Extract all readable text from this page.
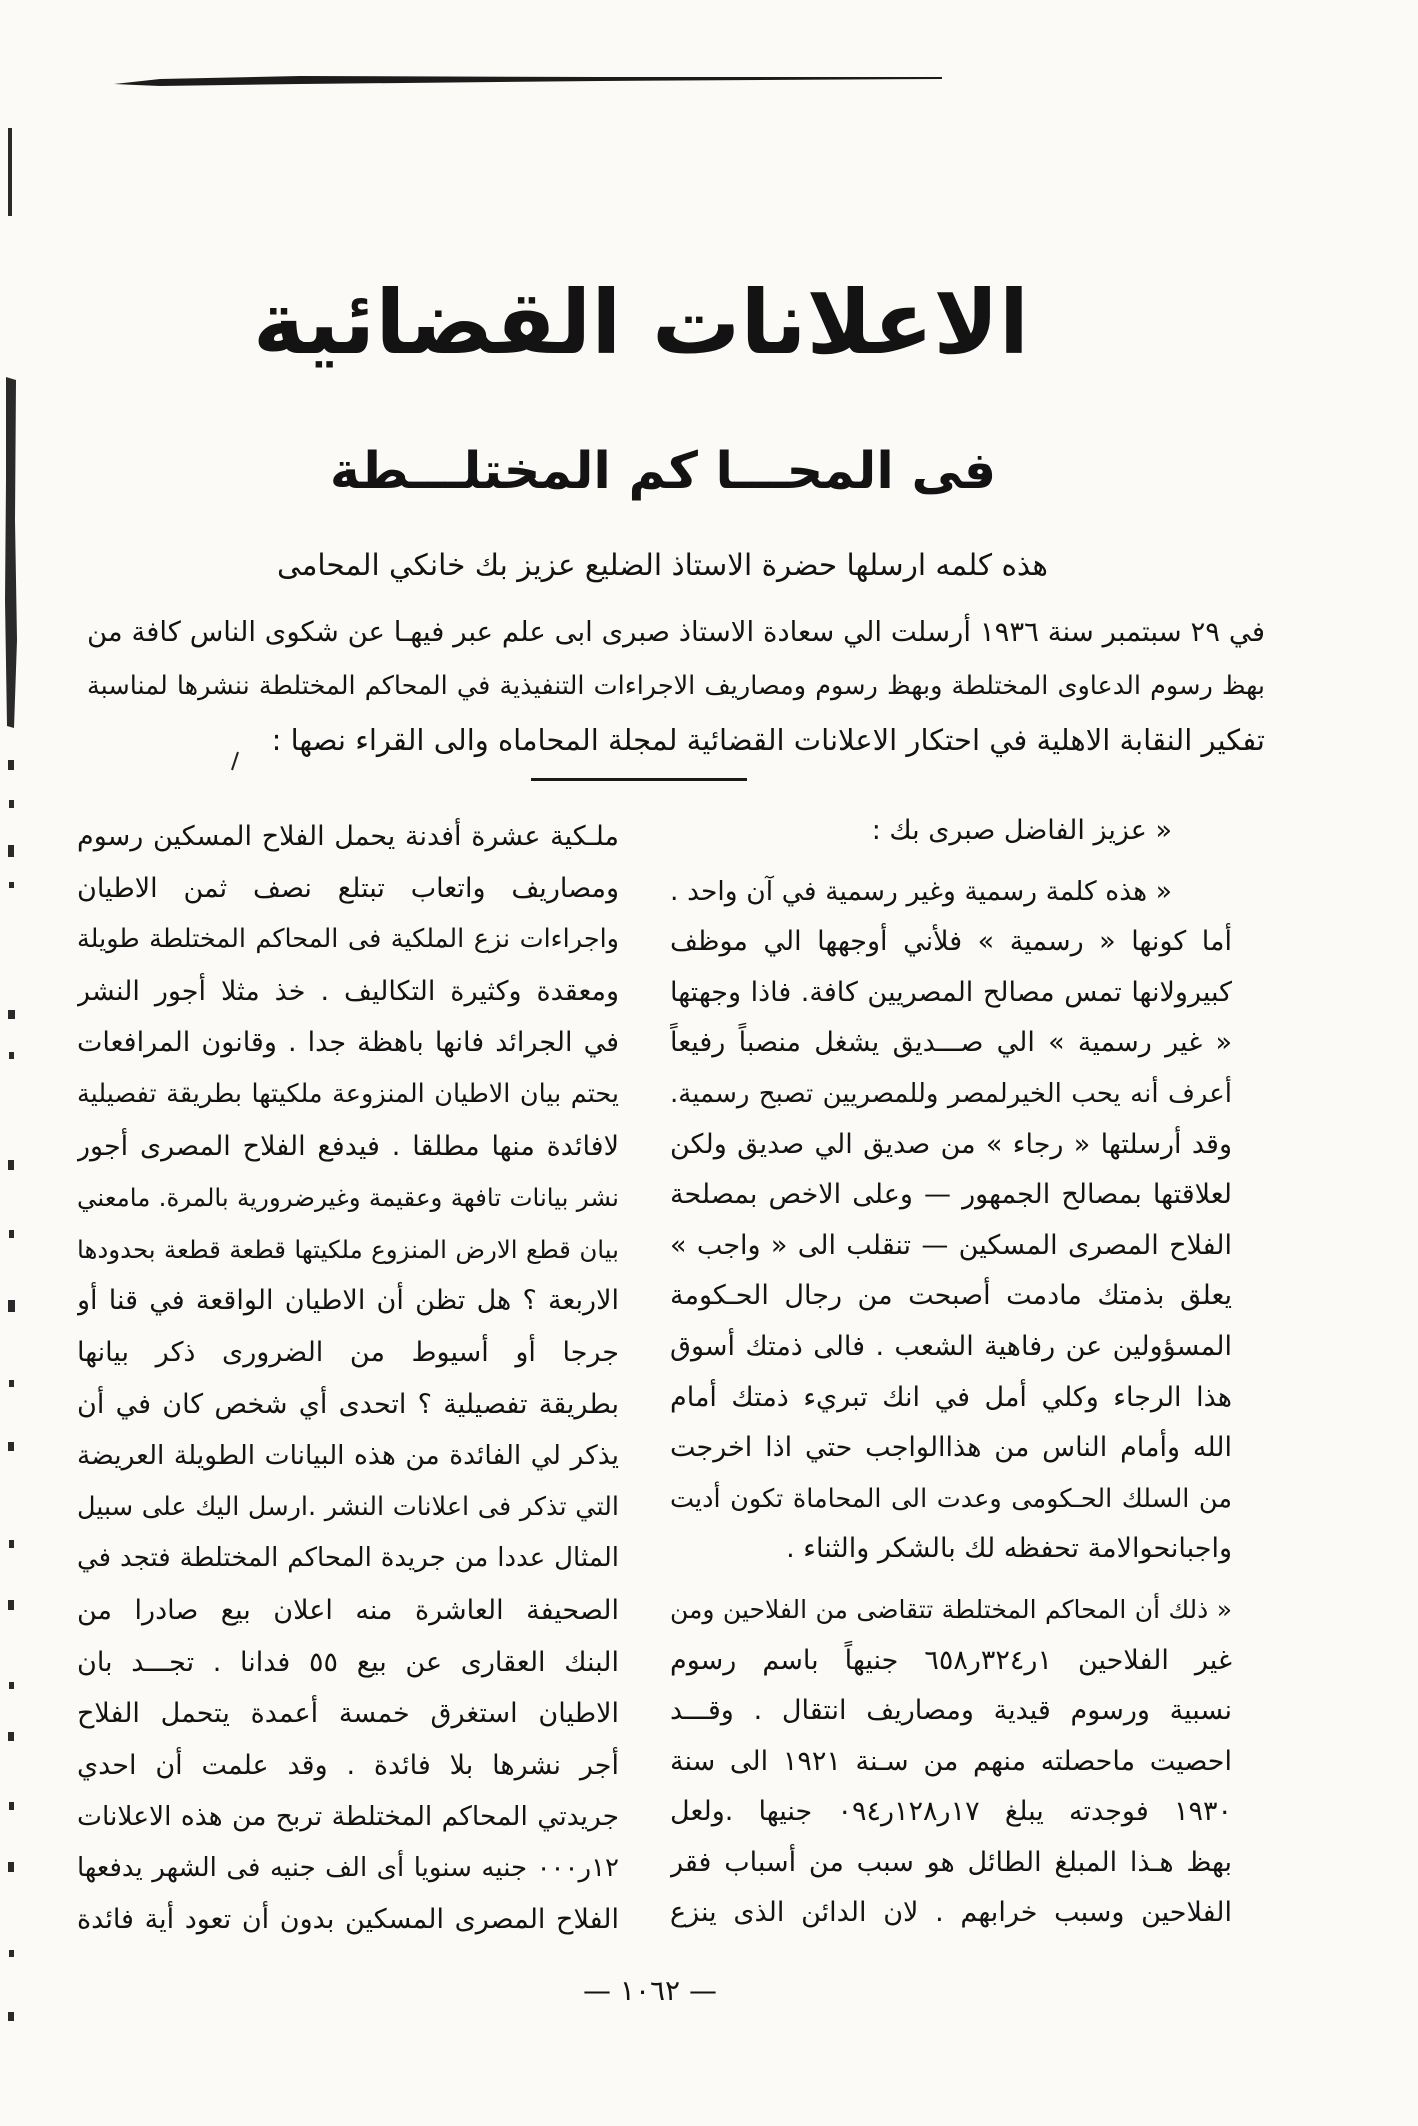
الاعلانات القضائية
فى المحـــا كم المختلـــطة
هذه كلمه ارسلها حضرة الاستاذ الضليع عزيز بك خانكي المحامى
في ٢٩ سبتمبر سنة ١٩٣٦ أرسلت الي سعادة الاستاذ صبرى ابى علم عبر فيهـا عن شكوى الناس كافة من
بهظ رسوم الدعاوى المختلطة وبهظ رسوم ومصاريف الاجراءات التنفيذية في المحاكم المختلطة ننشرها لمناسبة
تفكير النقابة الاهلية في احتكار الاعلانات القضائية لمجلة المحاماه والى القراء نصها :
« عزيز الفاضل صبرى بك :
« هذه كلمة رسمية وغير رسمية في آن واحد .
أما كونها « رسمية » فلأني أوجهها الي موظف
كبيرولانها تمس مصالح المصريين كافة. فاذا وجهتها
« غير رسمية » الي صـــديق يشغل منصباً رفيعاً
أعرف أنه يحب الخيرلمصر وللمصريين تصبح رسمية.
وقد أرسلتها « رجاء » من صديق الي صديق ولكن
لعلاقتها بمصالح الجمهور — وعلى الاخص بمصلحة
الفلاح المصرى المسكين — تنقلب الى « واجب »
يعلق بذمتك مادمت أصبحت من رجال الحـكومة
المسؤولين عن رفاهية الشعب . فالى ذمتك أسوق
هذا الرجاء وكلي أمل في انك تبريء ذمتك أمام
الله وأمام الناس من هذاالواجب حتي اذا اخرجت
من السلك الحـكومى وعدت الى المحاماة تكون أديت
واجبانحوالامة تحفظه لك بالشكر والثناء .
« ذلك أن المحاكم المختلطة تتقاضى من الفلاحين ومن
غير الفلاحين ١ر٣٢٤ر٦٥٨ جنيهاً باسم رسوم
نسبية ورسوم قيدية ومصاريف انتقال . وقـــد
احصيت ماحصلته منهم من سـنة ١٩٢١ الى سنة
١٩٣٠ فوجدته يبلغ ١٧ر١٢٨ر٠٩٤ جنيها .ولعل
بهظ هـذا المبلغ الطائل هو سبب من أسباب فقر
الفلاحين وسبب خرابهم . لان الدائن الذى ينزع
ملـكية عشرة أفدنة يحمل الفلاح المسكين رسوم
ومصاريف واتعاب تبتلع نصف ثمن الاطيان
واجراءات نزع الملكية فى المحاكم المختلطة طويلة
ومعقدة وكثيرة التكاليف . خذ مثلا أجور النشر
في الجرائد فانها باهظة جدا . وقانون المرافعات
يحتم بيان الاطيان المنزوعة ملكيتها بطريقة تفصيلية
لافائدة منها مطلقا . فيدفع الفلاح المصرى أجور
نشر بيانات تافهة وعقيمة وغيرضرورية بالمرة. مامعني
بيان قطع الارض المنزوع ملكيتها قطعة قطعة بحدودها
الاربعة ؟ هل تظن أن الاطيان الواقعة في قنا أو
جرجا أو أسيوط من الضرورى ذكر بيانها
بطريقة تفصيلية ؟ اتحدى أي شخص كان في أن
يذكر لي الفائدة من هذه البيانات الطويلة العريضة
التي تذكر فى اعلانات النشر .ارسل اليك على سبيل
المثال عددا من جريدة المحاكم المختلطة فتجد في
الصحيفة العاشرة منه اعلان بيع صادرا من
البنك العقارى عن بيع ٥٥ فدانا . تجـــد بان
الاطيان استغرق خمسة أعمدة يتحمل الفلاح
أجر نشرها بلا فائدة . وقد علمت أن احدي
جريدتي المحاكم المختلطة تربح من هذه الاعلانات
١٢ر٠٠٠ جنيه سنويا أى الف جنيه فى الشهر يدفعها
الفلاح المصرى المسكين بدون أن تعود أية فائدة
— ١٠٦٢ —
